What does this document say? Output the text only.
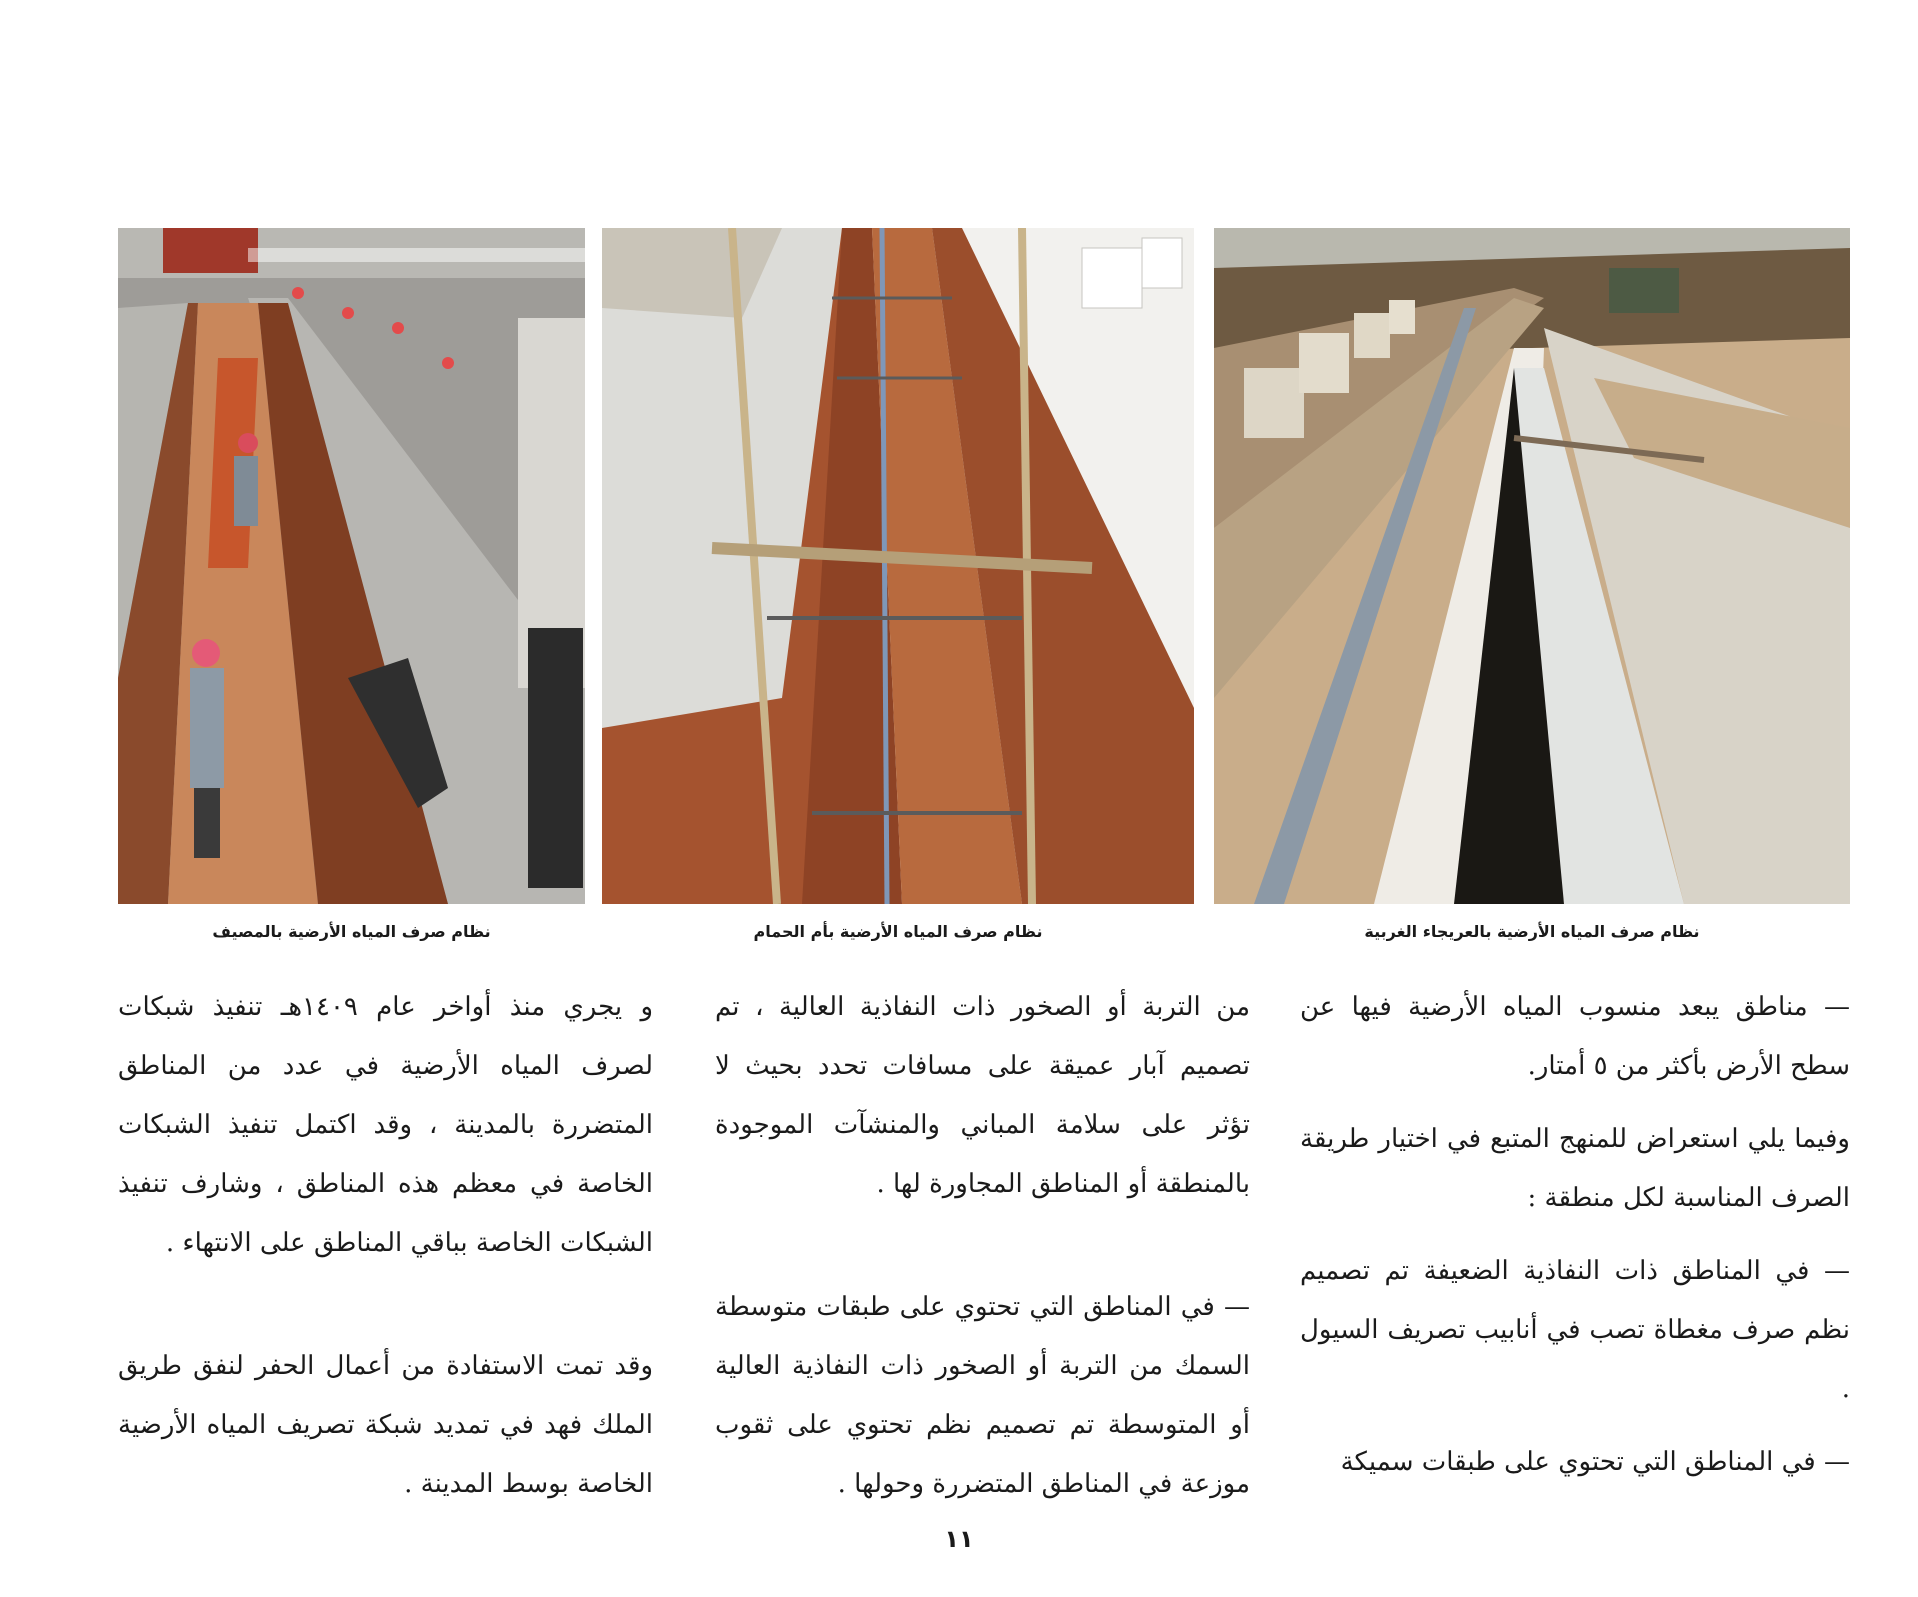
نظام صرف المياه الأرضية بالعريجاء الغربية
نظام صرف المياه الأرضية بأم الحمام
نظام صرف المياه الأرضية بالمصيف

— مناطق يبعد منسوب المياه الأرضية فيها عن سطح الأرض بأكثر من ٥ أمتار.

وفيما يلي استعراض للمنهج المتبع في اختيار طريقة الصرف المناسبة لكل منطقة :

— في المناطق ذات النفاذية الضعيفة تم تصميم نظم صرف مغطاة تصب في أنابيب تصريف السيول .

— في المناطق التي تحتوي على طبقات سميكة

من التربة أو الصخور ذات النفاذية العالية ، تم تصميم آبار عميقة على مسافات تحدد بحيث لا تؤثر على سلامة المباني والمنشآت الموجودة بالمنطقة أو المناطق المجاورة لها .

— في المناطق التي تحتوي على طبقات متوسطة السمك من التربة أو الصخور ذات النفاذية العالية أو المتوسطة تم تصميم نظم تحتوي على ثقوب موزعة في المناطق المتضررة وحولها .

و يجري منذ أواخر عام ١٤٠٩هـ تنفيذ شبكات لصرف المياه الأرضية في عدد من المناطق المتضررة بالمدينة ، وقد اكتمل تنفيذ الشبكات الخاصة في معظم هذه المناطق ، وشارف تنفيذ الشبكات الخاصة بباقي المناطق على الانتهاء .

وقد تمت الاستفادة من أعمال الحفر لنفق طريق الملك فهد في تمديد شبكة تصريف المياه الأرضية الخاصة بوسط المدينة .

١١
